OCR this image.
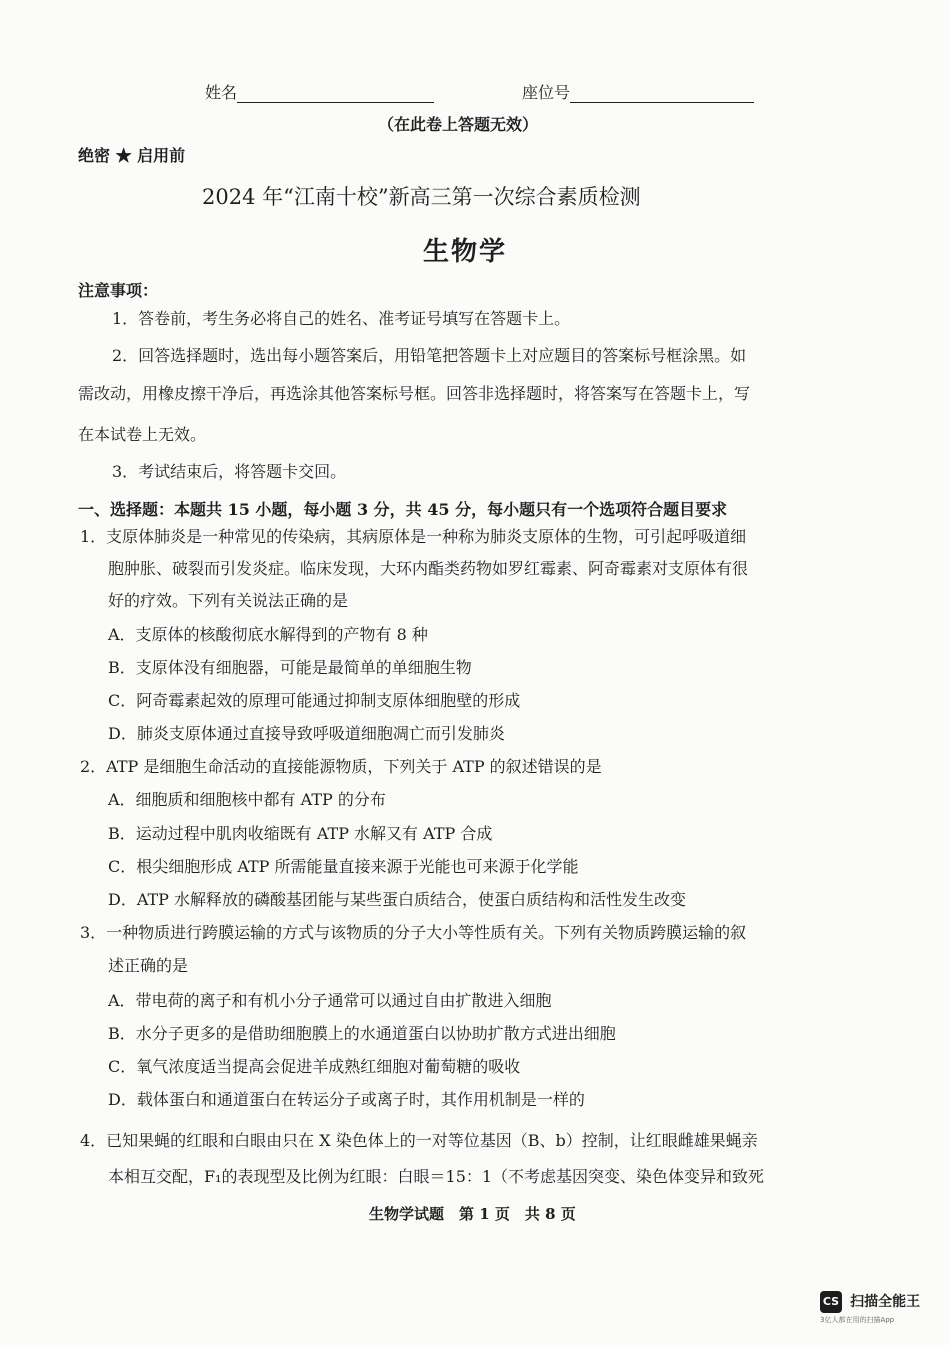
姓名	座位号
（在此卷上答题无效）
绝密 ★ 启用前
2024 年“江南十校”新高三第一次综合素质检测
生物学
注意事项：
1．答卷前，考生务必将自己的姓名、准考证号填写在答题卡上。
2．回答选择题时，选出每小题答案后，用铅笔把答题卡上对应题目的答案标号框涂黑。如
需改动，用橡皮擦干净后，再选涂其他答案标号框。回答非选择题时，将答案写在答题卡上，写
在本试卷上无效。
3．考试结束后，将答题卡交回。
一、选择题：本题共 15 小题，每小题 3 分，共 45 分，每小题只有一个选项符合题目要求
1．支原体肺炎是一种常见的传染病，其病原体是一种称为肺炎支原体的生物，可引起呼吸道细
胞肿胀、破裂而引发炎症。临床发现，大环内酯类药物如罗红霉素、阿奇霉素对支原体有很
好的疗效。下列有关说法正确的是
A．支原体的核酸彻底水解得到的产物有 8 种
B．支原体没有细胞器，可能是最简单的单细胞生物
C．阿奇霉素起效的原理可能通过抑制支原体细胞壁的形成
D．肺炎支原体通过直接导致呼吸道细胞凋亡而引发肺炎
2．ATP 是细胞生命活动的直接能源物质，下列关于 ATP 的叙述错误的是
A．细胞质和细胞核中都有 ATP 的分布
B．运动过程中肌肉收缩既有 ATP 水解又有 ATP 合成
C．根尖细胞形成 ATP 所需能量直接来源于光能也可来源于化学能
D．ATP 水解释放的磷酸基团能与某些蛋白质结合，使蛋白质结构和活性发生改变
3．一种物质进行跨膜运输的方式与该物质的分子大小等性质有关。下列有关物质跨膜运输的叙
述正确的是
A．带电荷的离子和有机小分子通常可以通过自由扩散进入细胞
B．水分子更多的是借助细胞膜上的水通道蛋白以协助扩散方式进出细胞
C．氧气浓度适当提高会促进羊成熟红细胞对葡萄糖的吸收
D．载体蛋白和通道蛋白在转运分子或离子时，其作用机制是一样的
4．已知果蝇的红眼和白眼由只在 X 染色体上的一对等位基因（B、b）控制，让红眼雌雄果蝇亲
本相互交配，F₁的表现型及比例为红眼：白眼＝15：1（不考虑基因突变、染色体变异和致死
生物学试题　第 1 页　共 8 页
CS 扫描全能王
3亿人都在用的扫描App
